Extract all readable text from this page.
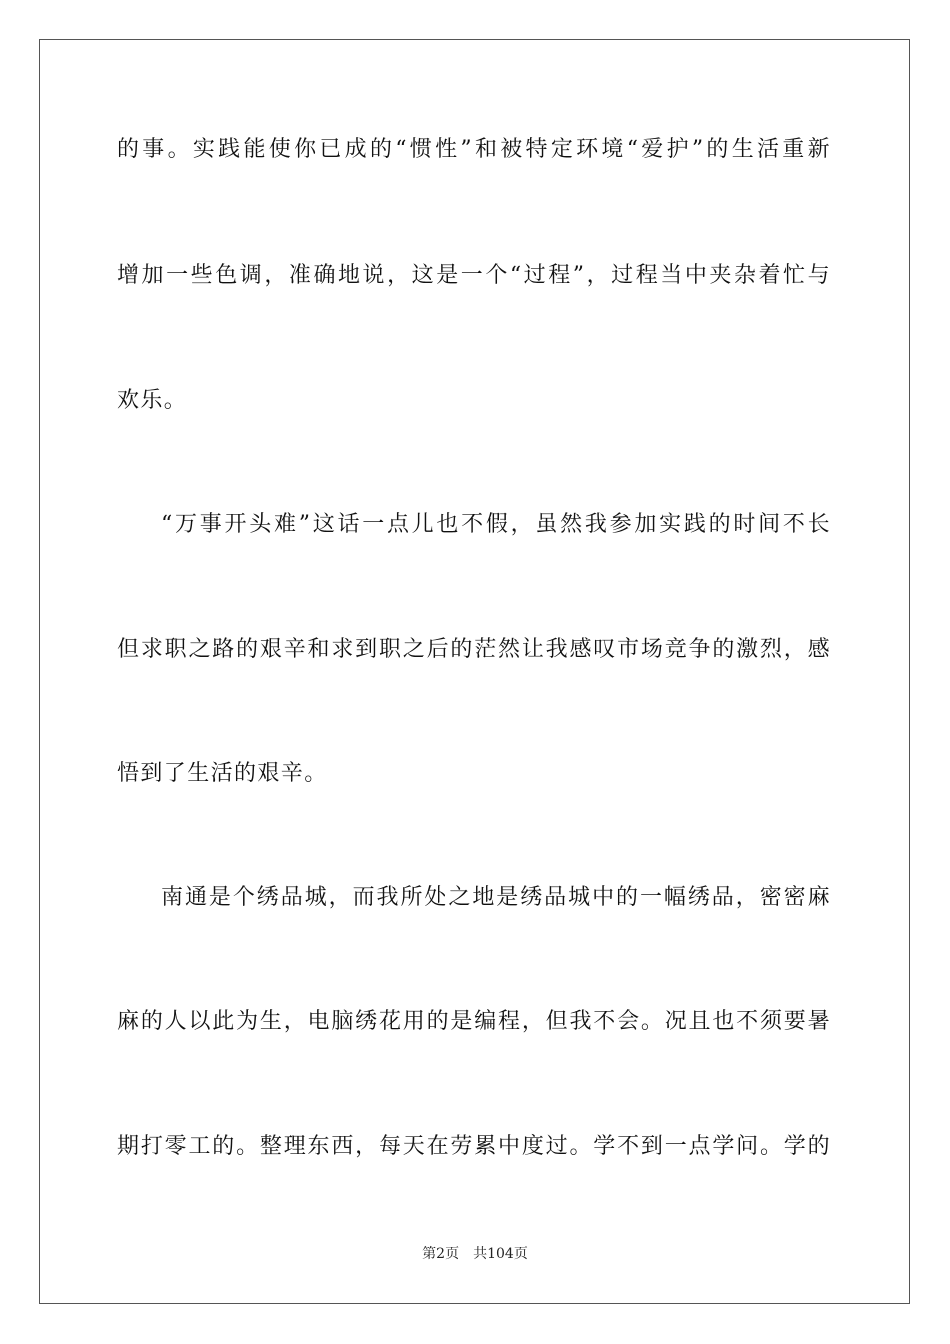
的事。实践能使你已成的“惯性”和被特定环境“爱护”的生活重新
增加一些色调，准确地说，这是一个“过程”，过程当中夹杂着忙与
欢乐。
“万事开头难”这话一点儿也不假，虽然我参加实践的时间不长
但求职之路的艰辛和求到职之后的茫然让我感叹市场竞争的激烈，感
悟到了生活的艰辛。
南通是个绣品城，而我所处之地是绣品城中的一幅绣品，密密麻
麻的人以此为生，电脑绣花用的是编程，但我不会。况且也不须要暑
期打零工的。整理东西，每天在劳累中度过。学不到一点学问。学的
第2页 共104页
